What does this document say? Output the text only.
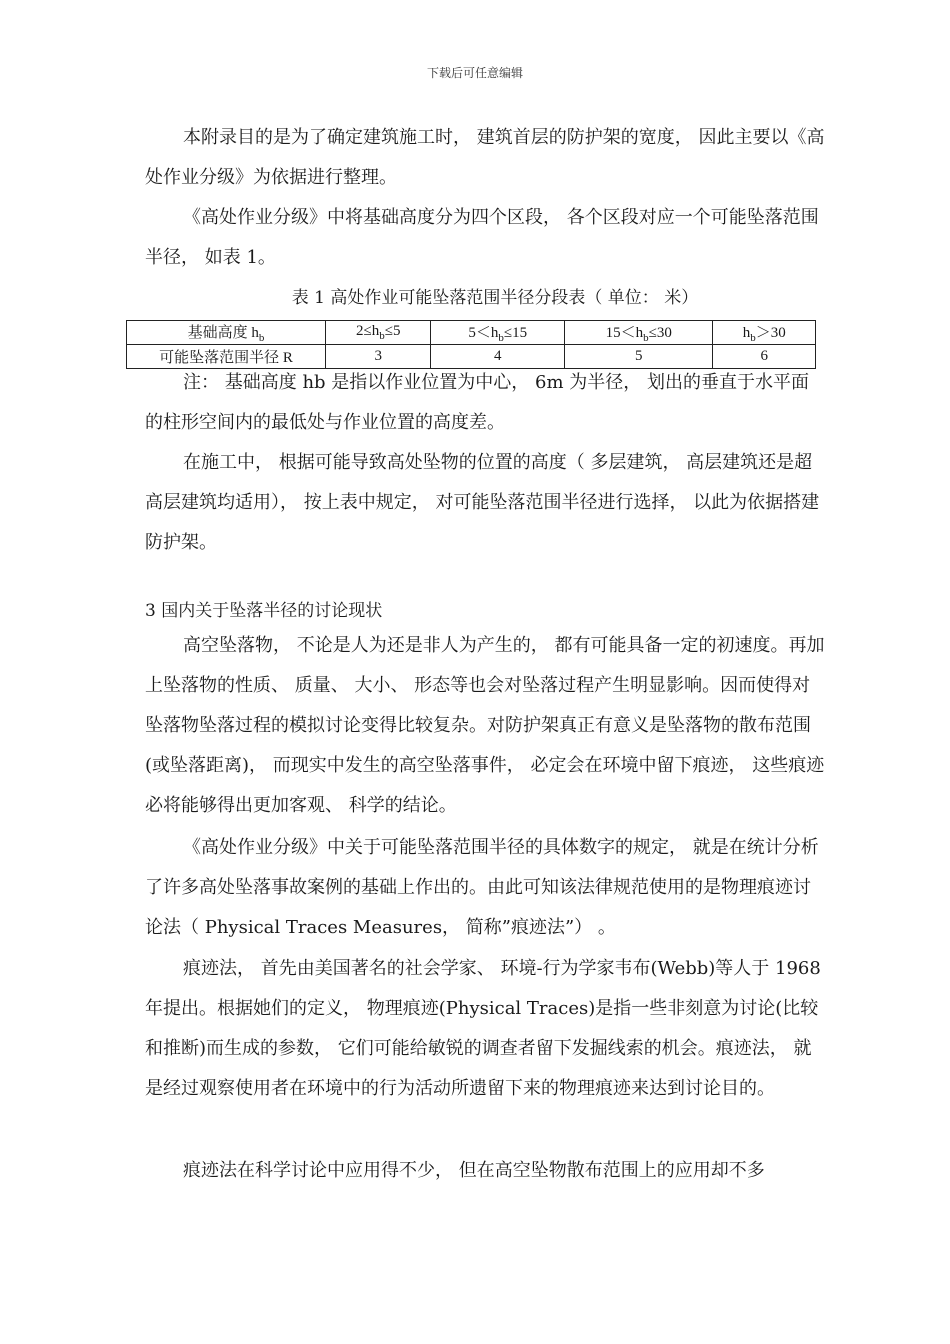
下载后可任意编辑

本附录目的是为了确定建筑施工时， 建筑首层的防护架的宽度， 因此主要以《高处作业分级》为依据进行整理。

《高处作业分级》中将基础高度分为四个区段， 各个区段对应一个可能坠落范围半径， 如表 1。

表 1 高处作业可能坠落范围半径分段表（ 单位： 米）
基础高度 $h_b$	$2\le h_b\le 5$	$5<h_b\le 15$	$15<h_b\le 30$	$h_b>30$
可能坠落范围半径 R	3	4	5	6

注： 基础高度 hb 是指以作业位置为中心， 6m 为半径， 划出的垂直于水平面的柱形空间内的最低处与作业位置的高度差。

在施工中， 根据可能导致高处坠物的位置的高度（ 多层建筑， 高层建筑还是超高层建筑均适用）， 按上表中规定， 对可能坠落范围半径进行选择， 以此为依据搭建防护架。

3 国内关于坠落半径的讨论现状

高空坠落物， 不论是人为还是非人为产生的， 都有可能具备一定的初速度。再加上坠落物的性质、 质量、 大小、 形态等也会对坠落过程产生明显影响。因而使得对坠落物坠落过程的模拟讨论变得比较复杂。对防护架真正有意义是坠落物的散布范围(或坠落距离)， 而现实中发生的高空坠落事件， 必定会在环境中留下痕迹， 这些痕迹必将能够得出更加客观、 科学的结论。

《高处作业分级》中关于可能坠落范围半径的具体数字的规定， 就是在统计分析了许多高处坠落事故案例的基础上作出的。由此可知该法律规范使用的是物理痕迹讨论法（ Physical Traces Measures， 简称”痕迹法”） 。

痕迹法， 首先由美国著名的社会学家、 环境-行为学家韦布(Webb)等人于 1968 年提出。根据她们的定义， 物理痕迹(Physical Traces)是指一些非刻意为讨论(比较和推断)而生成的参数， 它们可能给敏锐的调查者留下发掘线索的机会。痕迹法， 就是经过观察使用者在环境中的行为活动所遗留下来的物理痕迹来达到讨论目的。

痕迹法在科学讨论中应用得不少， 但在高空坠物散布范围上的应用却不多
